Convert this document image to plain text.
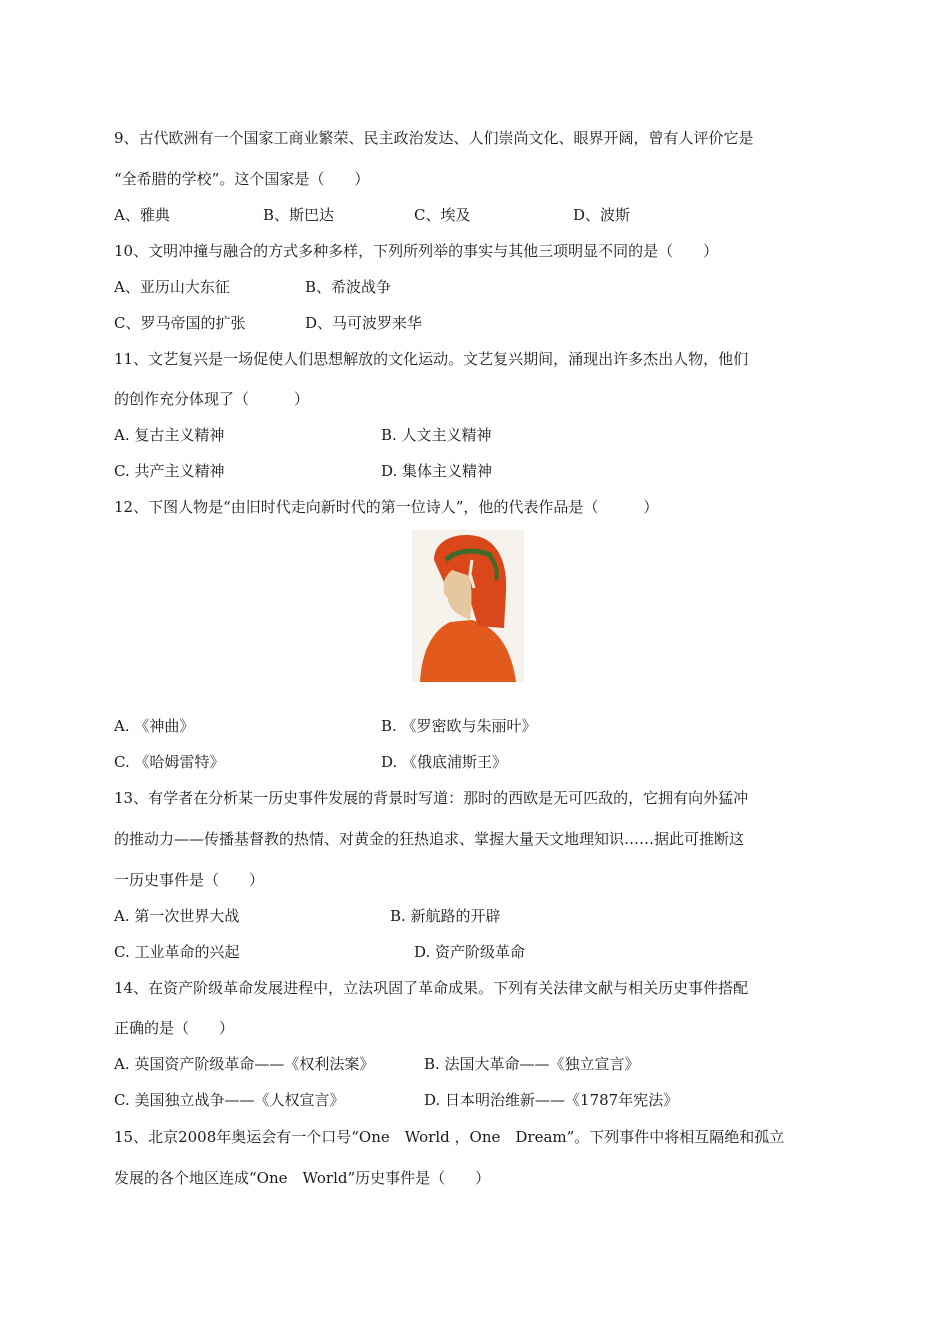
9、古代欧洲有一个国家工商业繁荣、民主政治发达、人们崇尚文化、眼界开阔，曾有人评价它是
“全希腊的学校”。这个国家是（　　）
A、雅典	B、斯巴达	C、埃及	D、波斯
10、文明冲撞与融合的方式多种多样，下列所列举的事实与其他三项明显不同的是（　　）
A、亚历山大东征	B、希波战争
C、罗马帝国的扩张	D、马可波罗来华
11、文艺复兴是一场促使人们思想解放的文化运动。文艺复兴期间，涌现出许多杰出人物，他们
的创作充分体现了（　　　）
A. 复古主义精神	B. 人文主义精神
C. 共产主义精神	D. 集体主义精神
12、下图人物是“由旧时代走向新时代的第一位诗人”，他的代表作品是（　　　）
A. 《神曲》	B. 《罗密欧与朱丽叶》
C. 《哈姆雷特》	D. 《俄底浦斯王》
13、有学者在分析某一历史事件发展的背景时写道：那时的西欧是无可匹敌的，它拥有向外猛冲
的推动力——传播基督教的热情、对黄金的狂热追求、掌握大量天文地理知识……据此可推断这
一历史事件是（　　）
A. 第一次世界大战	B. 新航路的开辟
C. 工业革命的兴起	D. 资产阶级革命
14、在资产阶级革命发展进程中，立法巩固了革命成果。下列有关法律文献与相关历史事件搭配
正确的是（　　）
A. 英国资产阶级革命——《权利法案》	B. 法国大革命——《独立宣言》
C. 美国独立战争——《人权宣言》	D. 日本明治维新——《1787年宪法》
15、北京2008年奥运会有一个口号“One　World ，One　Dream”。下列事件中将相互隔绝和孤立
发展的各个地区连成“One　World”历史事件是（　　）
